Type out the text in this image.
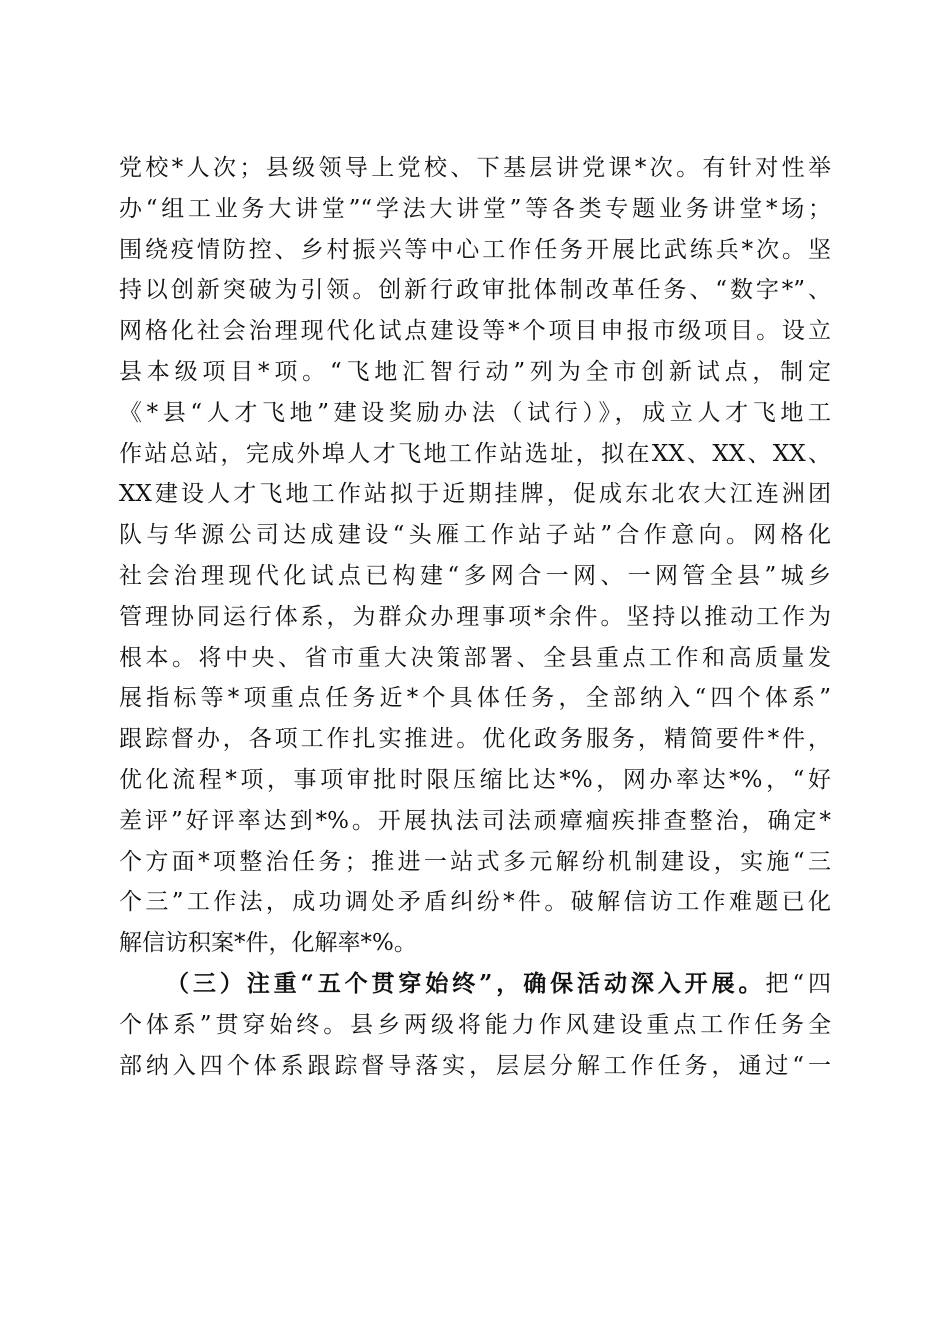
党校*人次；县级领导上党校、下基层讲党课*次。有针对性举
办“组工业务大讲堂”“学法大讲堂”等各类专题业务讲堂*场；
围绕疫情防控、乡村振兴等中心工作任务开展比武练兵*次。坚
持以创新突破为引领。创新行政审批体制改革任务、“数字*”、
网格化社会治理现代化试点建设等*个项目申报市级项目。设立
县本级项目*项。“飞地汇智行动”列为全市创新试点，制定
《*县“人才飞地”建设奖励办法（试行）》，成立人才飞地工
作站总站，完成外埠人才飞地工作站选址，拟在XX、XX、XX、
XX建设人才飞地工作站拟于近期挂牌，促成东北农大江连洲团
队与华源公司达成建设“头雁工作站子站”合作意向。网格化
社会治理现代化试点已构建“多网合一网、一网管全县”城乡
管理协同运行体系，为群众办理事项*余件。坚持以推动工作为
根本。将中央、省市重大决策部署、全县重点工作和高质量发
展指标等*项重点任务近*个具体任务，全部纳入“四个体系”
跟踪督办，各项工作扎实推进。优化政务服务，精简要件*件，
优化流程*项，事项审批时限压缩比达*%，网办率达*%，“好
差评”好评率达到*%。开展执法司法顽瘴痼疾排查整治，确定*
个方面*项整治任务；推进一站式多元解纷机制建设，实施“三
个三”工作法，成功调处矛盾纠纷*件。破解信访工作难题已化
解信访积案*件，化解率*%。
（三）注重“五个贯穿始终”，确保活动深入开展。把“四
个体系”贯穿始终。县乡两级将能力作风建设重点工作任务全
部纳入四个体系跟踪督导落实，层层分解工作任务，通过“一
